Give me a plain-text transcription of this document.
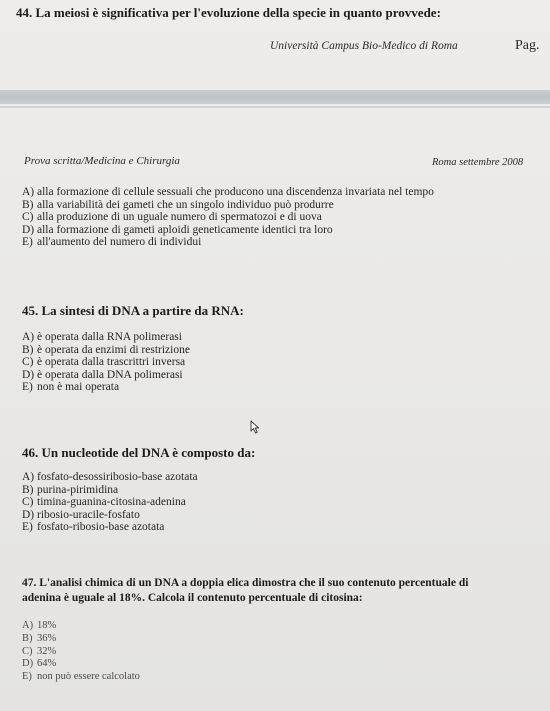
44. La meiosi è significativa per l'evoluzione della specie in quanto provvede:
Università Campus Bio-Medico di Roma	Pag.
Prova scritta/Medicina e Chirurgia	Roma settembre 2008
A) alla formazione di cellule sessuali che producono una discendenza invariata nel tempo
B) alla variabilità dei gameti che un singolo individuo può produrre
C) alla produzione di un uguale numero di spermatozoi e di uova
D) alla formazione di gameti aploidi geneticamente identici tra loro
E) all'aumento del numero di individui
45. La sintesi di DNA a partire da RNA:
A) è operata dalla RNA polimerasi
B) è operata da enzimi di restrizione
C) è operata dalla trascrittri inversa
D) è operata dalla DNA polimerasi
E) non è mai operata
46. Un nucleotide del DNA è composto da:
A) fosfato-desossiribosio-base azotata
B) purina-pirimidina
C) timina-guanina-citosina-adenina
D) ribosio-uracile-fosfato
E) fosfato-ribosio-base azotata
47. L'analisi chimica di un DNA a doppia elica dimostra che il suo contenuto percentuale di
adenina è uguale al 18%. Calcola il contenuto percentuale di citosina:
A) 18%
B) 36%
C) 32%
D) 64%
E) non può essere calcolato
